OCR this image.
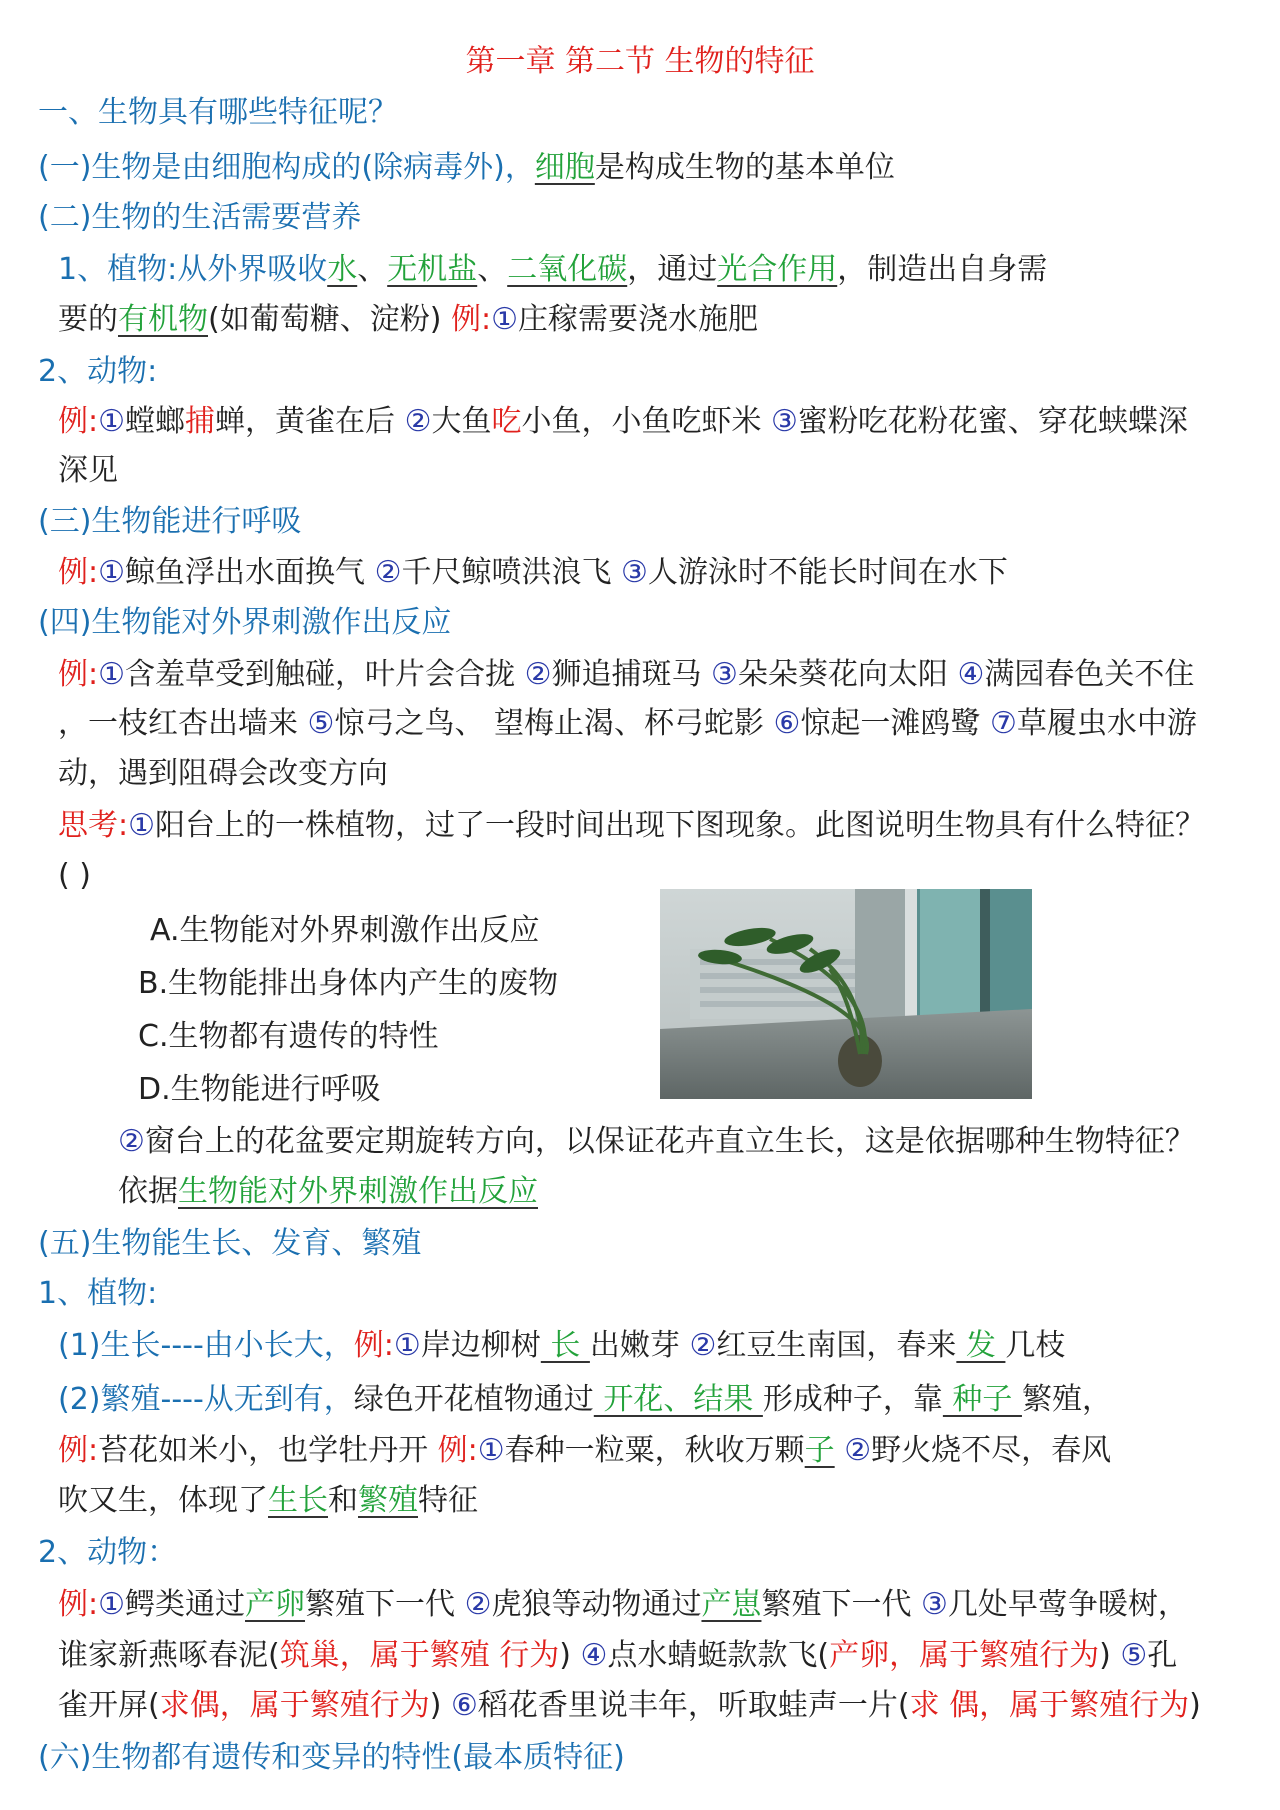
第一章 第二节 生物的特征
一、生物具有哪些特征呢？
(一)生物是由细胞构成的(除病毒外)，细胞是构成生物的基本单位
(二)生物的生活需要营养
1、植物:从外界吸收水、无机盐、二氧化碳，通过光合作用，制造出自身需
要的有机物(如葡萄糖、淀粉) 例:①庄稼需要浇水施肥
2、动物:
例:①螳螂捕蝉，黄雀在后 ②大鱼吃小鱼，小鱼吃虾米 ③蜜粉吃花粉花蜜、穿花蛱蝶深
深见
(三)生物能进行呼吸
例:①鲸鱼浮出水面换气 ②千尺鲸喷洪浪飞 ③人游泳时不能长时间在水下
(四)生物能对外界刺激作出反应
例:①含羞草受到触碰，叶片会合拢 ②狮追捕斑马 ③朵朵葵花向太阳 ④满园春色关不住
，一枝红杏出墙来 ⑤惊弓之鸟、 望梅止渴、杯弓蛇影 ⑥惊起一滩鸥鹭 ⑦草履虫水中游
动，遇到阻碍会改变方向
思考:①阳台上的一株植物，过了一段时间出现下图现象。此图说明生物具有什么特征？
( )
A.生物能对外界刺激作出反应
B.生物能排出身体内产生的废物
C.生物都有遗传的特性
D.生物能进行呼吸
②窗台上的花盆要定期旋转方向，以保证花卉直立生长，这是依据哪种生物特征？
依据生物能对外界刺激作出反应
(五)生物能生长、发育、繁殖
1、植物:
(1)生长----由小长大，例:①岸边柳树 长 出嫩芽 ②红豆生南国，春来 发 几枝
(2)繁殖----从无到有，绿色开花植物通过 开花、结果 形成种子，靠 种子 繁殖，
例:苔花如米小，也学牡丹开 例:①春种一粒粟，秋收万颗子 ②野火烧不尽，春风
吹又生，体现了生长和繁殖特征
2、动物：
例:①鳄类通过产卵繁殖下一代 ②虎狼等动物通过产崽繁殖下一代 ③几处早莺争暖树，
谁家新燕啄春泥(筑巢，属于繁殖 行为) ④点水蜻蜓款款飞(产卵，属于繁殖行为) ⑤孔
雀开屏(求偶，属于繁殖行为) ⑥稻花香里说丰年，听取蛙声一片(求 偶，属于繁殖行为)
(六)生物都有遗传和变异的特性(最本质特征)
